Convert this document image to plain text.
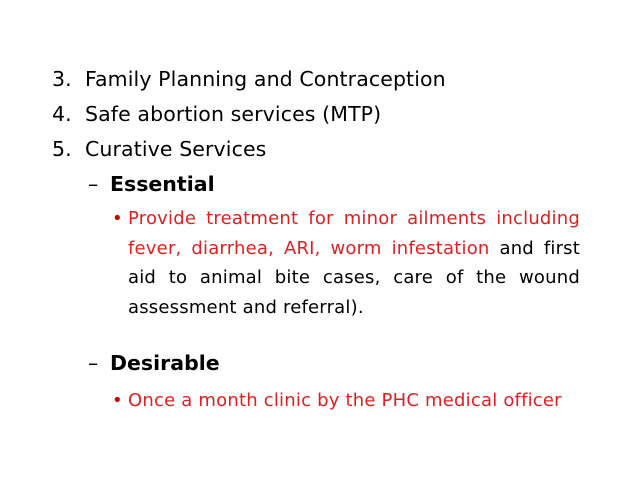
3. Family Planning and Contraception
4. Safe abortion services (MTP)
5. Curative Services
– Essential
• Provide treatment for minor ailments including fever, diarrhea, ARI, worm infestation and first aid to animal bite cases, care of the wound assessment and referral).
– Desirable
• Once a month clinic by the PHC medical officer
